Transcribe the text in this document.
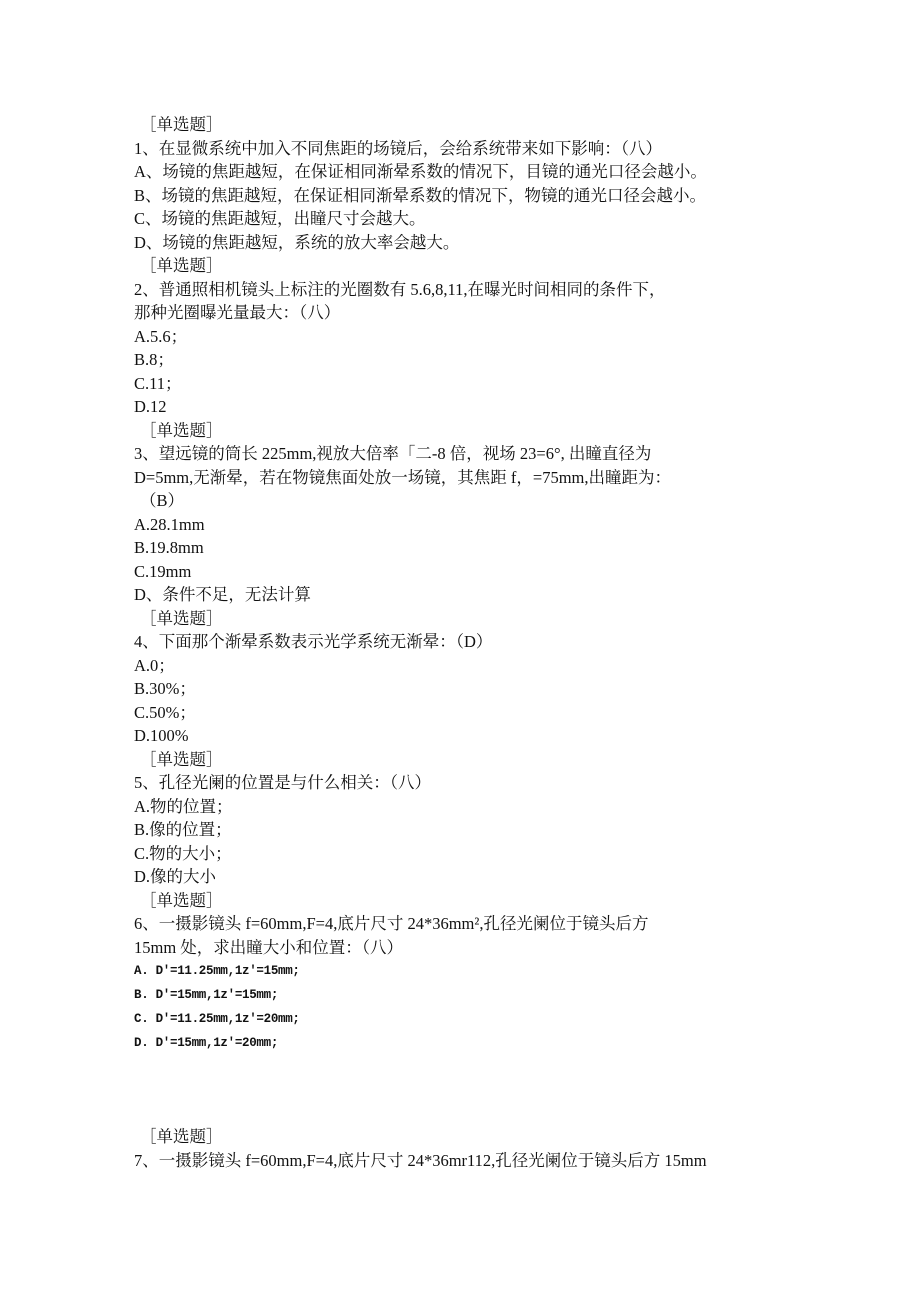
［单选题］
1、在显微系统中加入不同焦距的场镜后，会给系统带来如下影响：（八）
A、场镜的焦距越短，在保证相同渐晕系数的情况下，目镜的通光口径会越小。
B、场镜的焦距越短，在保证相同渐晕系数的情况下，物镜的通光口径会越小。
C、场镜的焦距越短，出瞳尺寸会越大。
D、场镜的焦距越短，系统的放大率会越大。
［单选题］
2、普通照相机镜头上标注的光圈数有 5.6,8,11,在曝光时间相同的条件下，
那种光圈曝光量最大：（八）
A.5.6；
B.8；
C.11；
D.12
［单选题］
3、望远镜的筒长 225mm,视放大倍率「二-8 倍，视场 23=6°, 出瞳直径为
D=5mm,无渐晕，若在物镜焦面处放一场镜，其焦距 f，=75mm,出瞳距为：
（B）
A.28.1mm
B.19.8mm
C.19mm
D、条件不足，无法计算
［单选题］
4、下面那个渐晕系数表示光学系统无渐晕：（D）
A.0；
B.30%；
C.50%；
D.100%
［单选题］
5、孔径光阑的位置是与什么相关：（八）
A.物的位置；
B.像的位置；
C.物的大小；
D.像的大小
［单选题］
6、一摄影镜头 f=60mm,F=4,底片尺寸 24*36mm²,孔径光阑位于镜头后方
15mm 处，求出瞳大小和位置：（八）
A. D'=11.25mm,1z'=15mm;
B. D'=15mm,1z'=15mm;
C. D'=11.25mm,1z'=20mm;
D. D'=15mm,1z'=20mm;
［单选题］
7、一摄影镜头 f=60mm,F=4,底片尺寸 24*36mr112,孔径光阑位于镜头后方 15mm
